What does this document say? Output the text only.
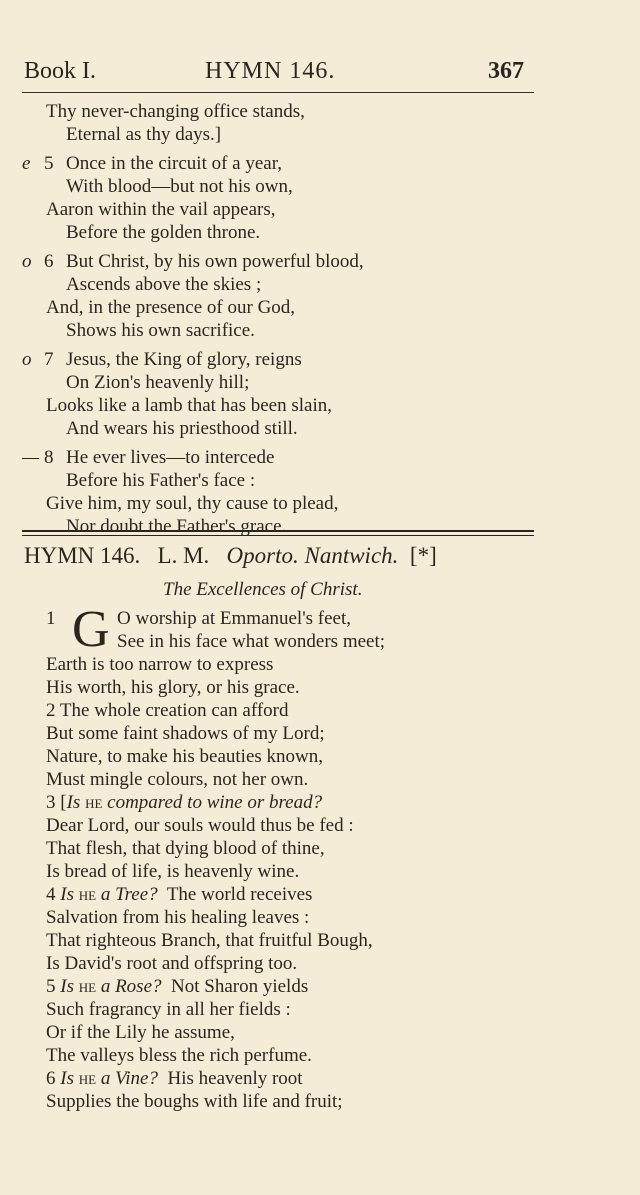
Book I.	HYMN 146.	367
Thy never-changing office stands,
Eternal as thy days.]
e 5 Once in the circuit of a year,
With blood—but not his own,
Aaron within the vail appears,
Before the golden throne.
o 6 But Christ, by his own powerful blood,
Ascends above the skies ;
And, in the presence of our God,
Shows his own sacrifice.
o 7 Jesus, the King of glory, reigns
On Zion's heavenly hill;
Looks like a lamb that has been slain,
And wears his priesthood still.
— 8 He ever lives—to intercede
Before his Father's face :
Give him, my soul, thy cause to plead,
Nor doubt the Father's grace.
HYMN 146. L. M. Oporto. Nantwich. [*]
The Excellences of Christ.
1 G O worship at Emmanuel's feet,
See in his face what wonders meet;
Earth is too narrow to express
His worth, his glory, or his grace.
2 The whole creation can afford
But some faint shadows of my Lord;
Nature, to make his beauties known,
Must mingle colours, not her own.
3 [Is he compared to wine or bread?
Dear Lord, our souls would thus be fed :
That flesh, that dying blood of thine,
Is bread of life, is heavenly wine.
4 Is he a Tree? The world receives
Salvation from his healing leaves :
That righteous Branch, that fruitful Bough,
Is David's root and offspring too.
5 Is he a Rose? Not Sharon yields
Such fragrancy in all her fields :
Or if the Lily he assume,
The valleys bless the rich perfume.
6 Is he a Vine? His heavenly root
Supplies the boughs with life and fruit;
